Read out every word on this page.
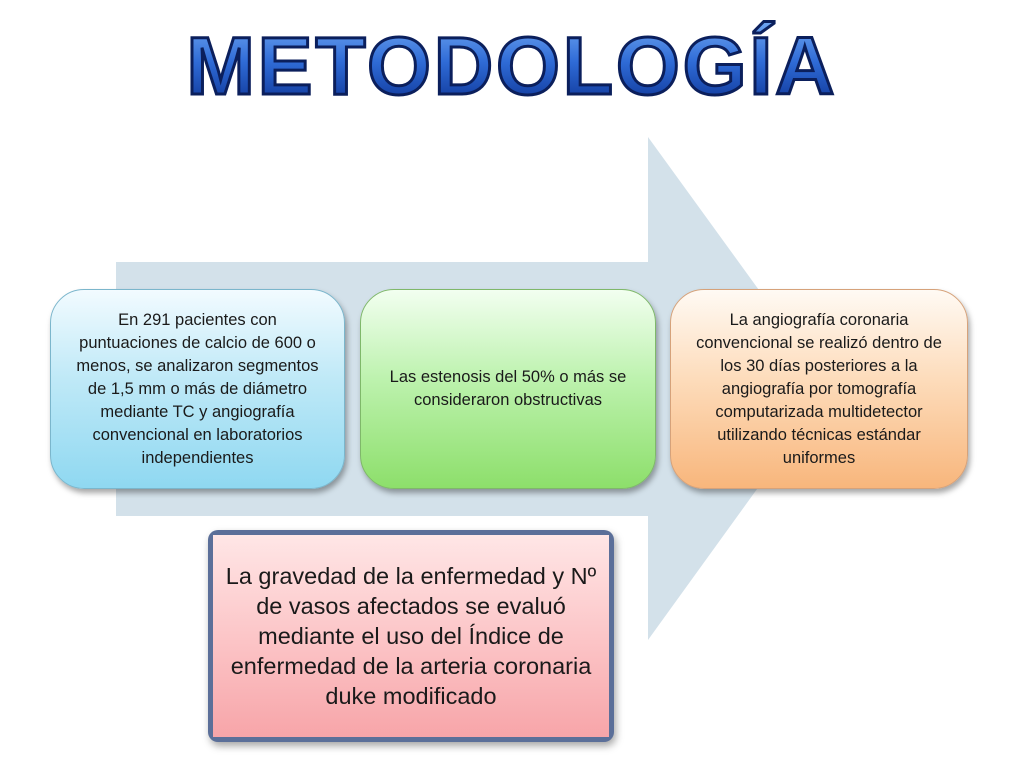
METODOLOGÍA
En 291 pacientes con puntuaciones de calcio de 600 o menos, se analizaron segmentos de 1,5 mm o más de diámetro mediante TC y angiografía convencional en laboratorios independientes
Las estenosis del 50% o más se consideraron obstructivas
La angiografía coronaria convencional se realizó dentro de los 30 días posteriores a la angiografía por tomografía computarizada multidetector utilizando técnicas estándar uniformes
La gravedad de la enfermedad y Nº de vasos afectados se evaluó mediante el uso del Índice de enfermedad de la arteria coronaria duke modificado
